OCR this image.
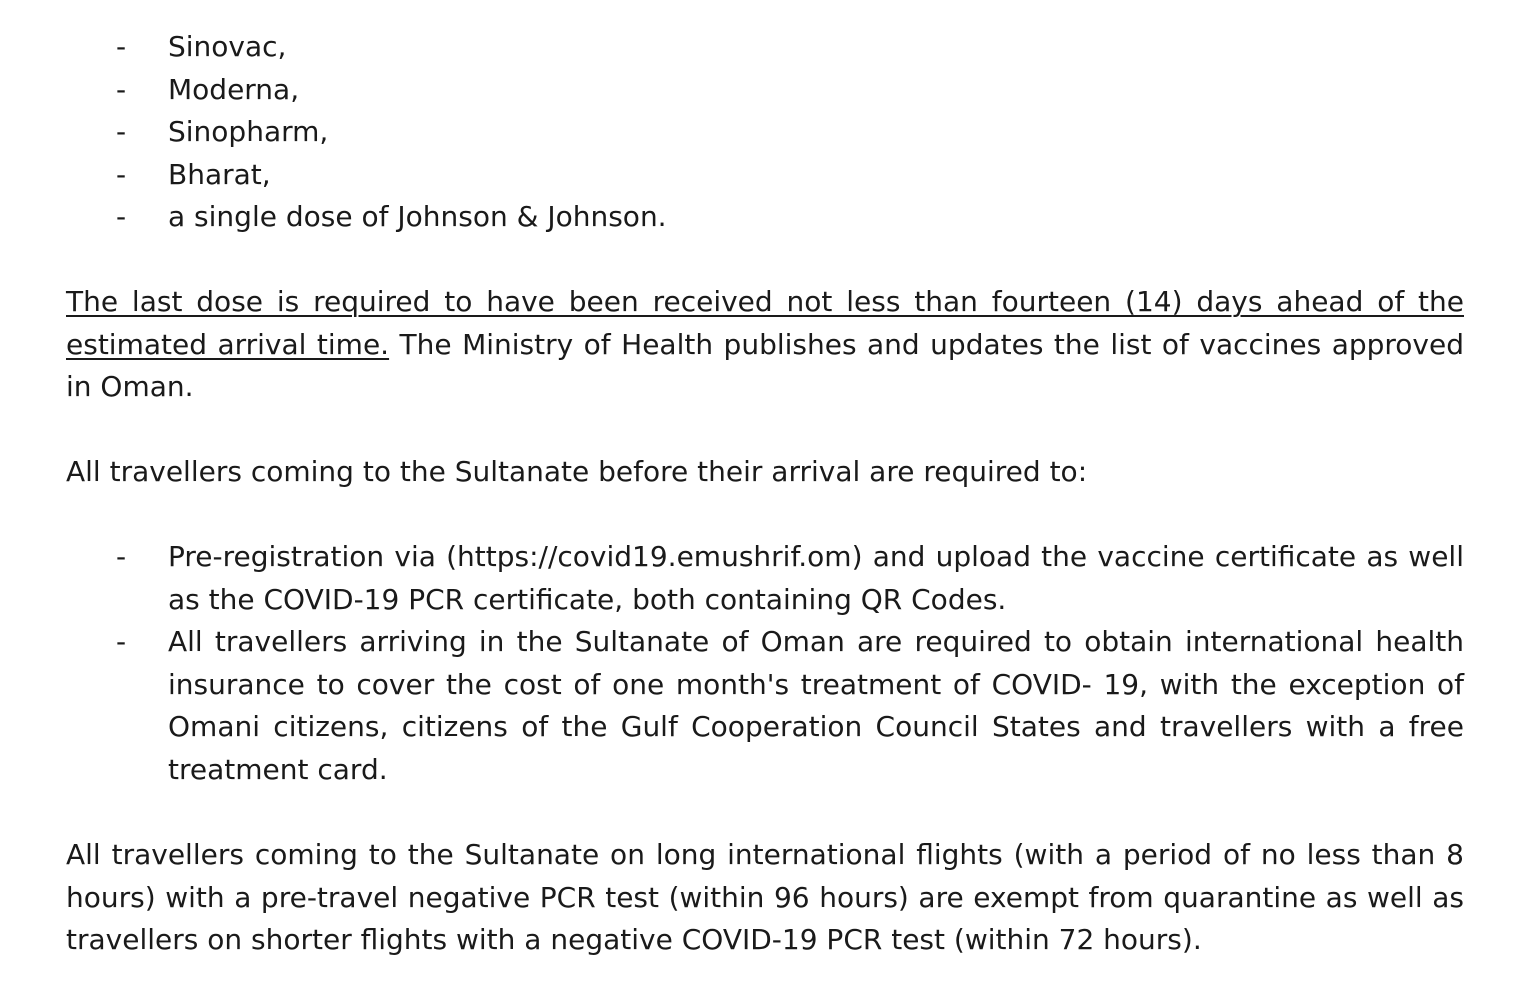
- Sinovac,
- Moderna,
- Sinopharm,
- Bharat,
- a single dose of Johnson & Johnson.

The last dose is required to have been received not less than fourteen (14) days ahead of the estimated arrival time. The Ministry of Health publishes and updates the list of vaccines approved in Oman.

All travellers coming to the Sultanate before their arrival are required to:

- Pre-registration via (https://covid19.emushrif.om) and upload the vaccine certificate as well as the COVID-19 PCR certificate, both containing QR Codes.
- All travellers arriving in the Sultanate of Oman are required to obtain international health insurance to cover the cost of one month's treatment of COVID- 19, with the exception of Omani citizens, citizens of the Gulf Cooperation Council States and travellers with a free treatment card.

All travellers coming to the Sultanate on long international flights (with a period of no less than 8 hours) with a pre-travel negative PCR test (within 96 hours) are exempt from quarantine as well as travellers on shorter flights with a negative COVID-19 PCR test (within 72 hours).
